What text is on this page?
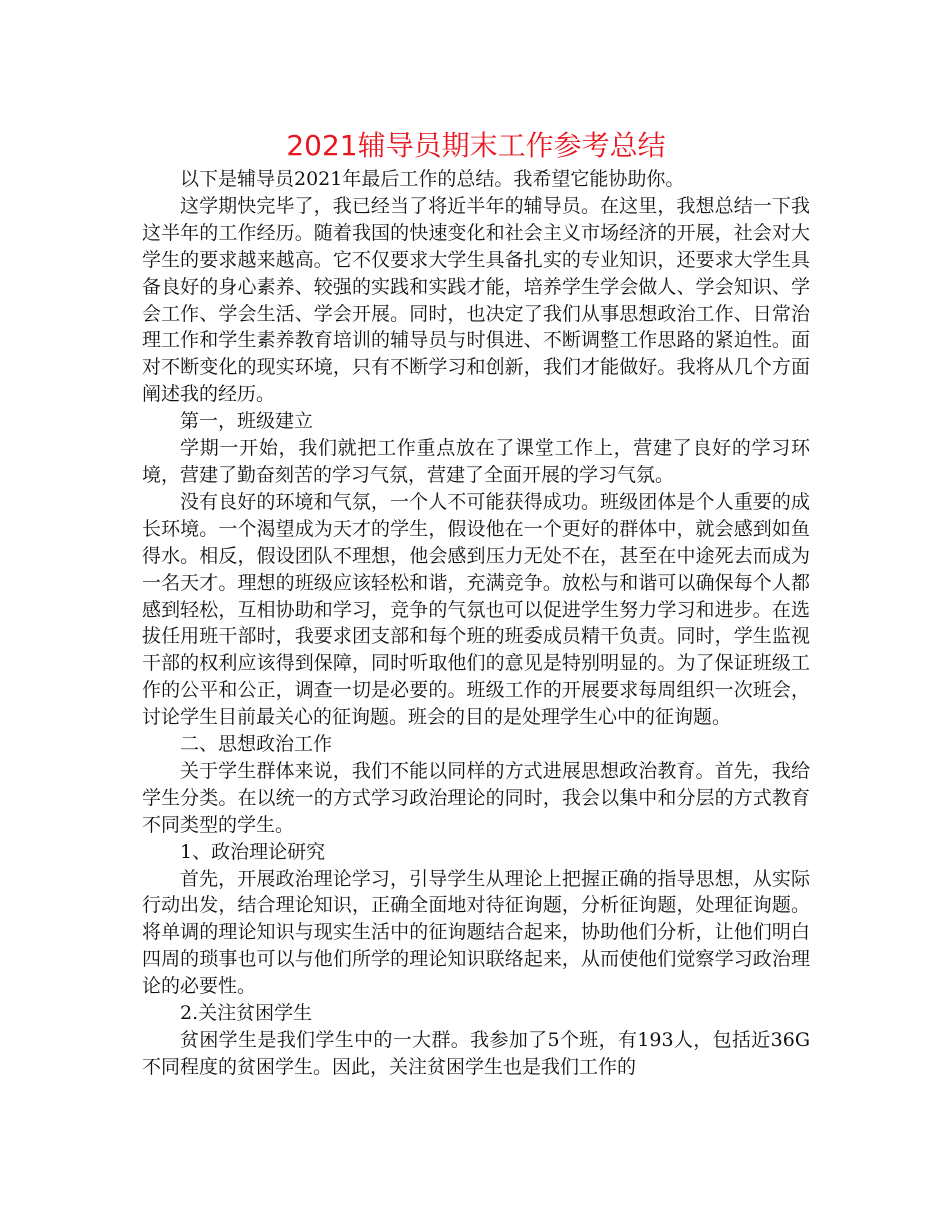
2021辅导员期末工作参考总结

以下是辅导员2021年最后工作的总结。我希望它能协助你。

这学期快完毕了，我已经当了将近半年的辅导员。在这里，我想总结一下我这半年的工作经历。随着我国的快速变化和社会主义市场经济的开展，社会对大学生的要求越来越高。它不仅要求大学生具备扎实的专业知识，还要求大学生具备良好的身心素养、较强的实践和实践才能，培养学生学会做人、学会知识、学会工作、学会生活、学会开展。同时，也决定了我们从事思想政治工作、日常治理工作和学生素养教育培训的辅导员与时俱进、不断调整工作思路的紧迫性。面对不断变化的现实环境，只有不断学习和创新，我们才能做好。我将从几个方面阐述我的经历。

第一，班级建立

学期一开始，我们就把工作重点放在了课堂工作上，营建了良好的学习环境，营建了勤奋刻苦的学习气氛，营建了全面开展的学习气氛。

没有良好的环境和气氛，一个人不可能获得成功。班级团体是个人重要的成长环境。一个渴望成为天才的学生，假设他在一个更好的群体中，就会感到如鱼得水。相反，假设团队不理想，他会感到压力无处不在，甚至在中途死去而成为一名天才。理想的班级应该轻松和谐，充满竞争。放松与和谐可以确保每个人都感到轻松，互相协助和学习，竞争的气氛也可以促进学生努力学习和进步。在选拔任用班干部时，我要求团支部和每个班的班委成员精干负责。同时，学生监视干部的权利应该得到保障，同时听取他们的意见是特别明显的。为了保证班级工作的公平和公正，调查一切是必要的。班级工作的开展要求每周组织一次班会，讨论学生目前最关心的征询题。班会的目的是处理学生心中的征询题。

二、思想政治工作

关于学生群体来说，我们不能以同样的方式进展思想政治教育。首先，我给学生分类。在以统一的方式学习政治理论的同时，我会以集中和分层的方式教育不同类型的学生。

1、政治理论研究

首先，开展政治理论学习，引导学生从理论上把握正确的指导思想，从实际行动出发，结合理论知识，正确全面地对待征询题，分析征询题，处理征询题。将单调的理论知识与现实生活中的征询题结合起来，协助他们分析，让他们明白四周的琐事也可以与他们所学的理论知识联络起来，从而使他们觉察学习政治理论的必要性。

2.关注贫困学生

贫困学生是我们学生中的一大群。我参加了5个班，有193人，包括近36G不同程度的贫困学生。因此，关注贫困学生也是我们工作的
